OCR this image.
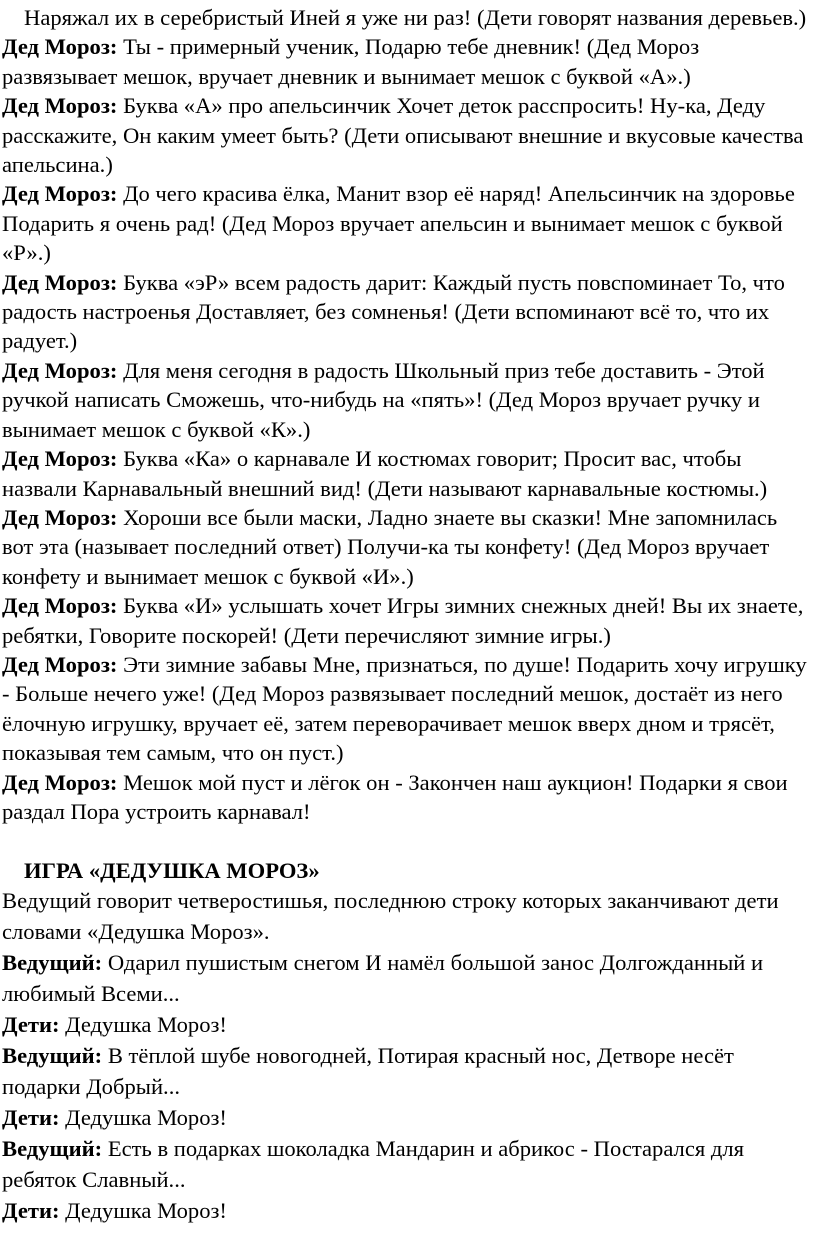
Наряжал их в серебристый Иней я уже ни раз! (Дети говорят названия деревьев.)

Дед Мороз: Ты - примерный ученик, Подарю тебе дневник! (Дед Мороз развязывает мешок, вручает дневник и вынимает мешок с буквой «А».)

Дед Мороз: Буква «А» про апельсинчик Хочет деток расспросить! Ну-ка, Деду расскажите, Он каким умеет быть? (Дети описывают внешние и вкусовые качества апельсина.)

Дед Мороз: До чего красива ёлка, Манит взор её наряд! Апельсинчик на здоровье Подарить я очень рад! (Дед Мороз вручает апельсин и вынимает мешок с буквой «Р».)

Дед Мороз: Буква «эР» всем радость дарит: Каждый пусть повспоминает То, что радость настроенья Доставляет, без сомненья! (Дети вспоминают всё то, что их радует.)

Дед Мороз: Для меня сегодня в радость Школьный приз тебе доставить - Этой ручкой написать Сможешь, что-нибудь на «пять»! (Дед Мороз вручает ручку и вынимает мешок с буквой «К».)

Дед Мороз: Буква «Ка» о карнавале И костюмах говорит; Просит вас, чтобы назвали Карнавальный внешний вид! (Дети называют карнавальные костюмы.)

Дед Мороз: Хороши все были маски, Ладно знаете вы сказки! Мне запомнилась вот эта (называет последний ответ) Получи-ка ты конфету! (Дед Мороз вручает конфету и вынимает мешок с буквой «И».)

Дед Мороз: Буква «И» услышать хочет Игры зимних снежных дней! Вы их знаете, ребятки, Говорите поскорей! (Дети перечисляют зимние игры.)

Дед Мороз: Эти зимние забавы Мне, признаться, по душе! Подарить хочу игрушку - Больше нечего уже! (Дед Мороз развязывает последний мешок, достаёт из него ёлочную игрушку, вручает её, затем переворачивает мешок вверх дном и трясёт, показывая тем самым, что он пуст.)

Дед Мороз: Мешок мой пуст и лёгок он - Закончен наш аукцион! Подарки я свои раздал Пора устроить карнавал!

ИГРА «ДЕДУШКА МОРОЗ»

Ведущий говорит четверостишья, последнюю строку которых заканчивают дети словами «Дедушка Мороз».

Ведущий: Одарил пушистым снегом И намёл большой занос Долгожданный и любимый Всеми...

Дети: Дедушка Мороз!

Ведущий: В тёплой шубе новогодней, Потирая красный нос, Детворе несёт подарки Добрый...

Дети: Дедушка Мороз!

Ведущий: Есть в подарках шоколадка Мандарин и абрикос - Постарался для ребяток Славный...

Дети: Дедушка Мороз!
